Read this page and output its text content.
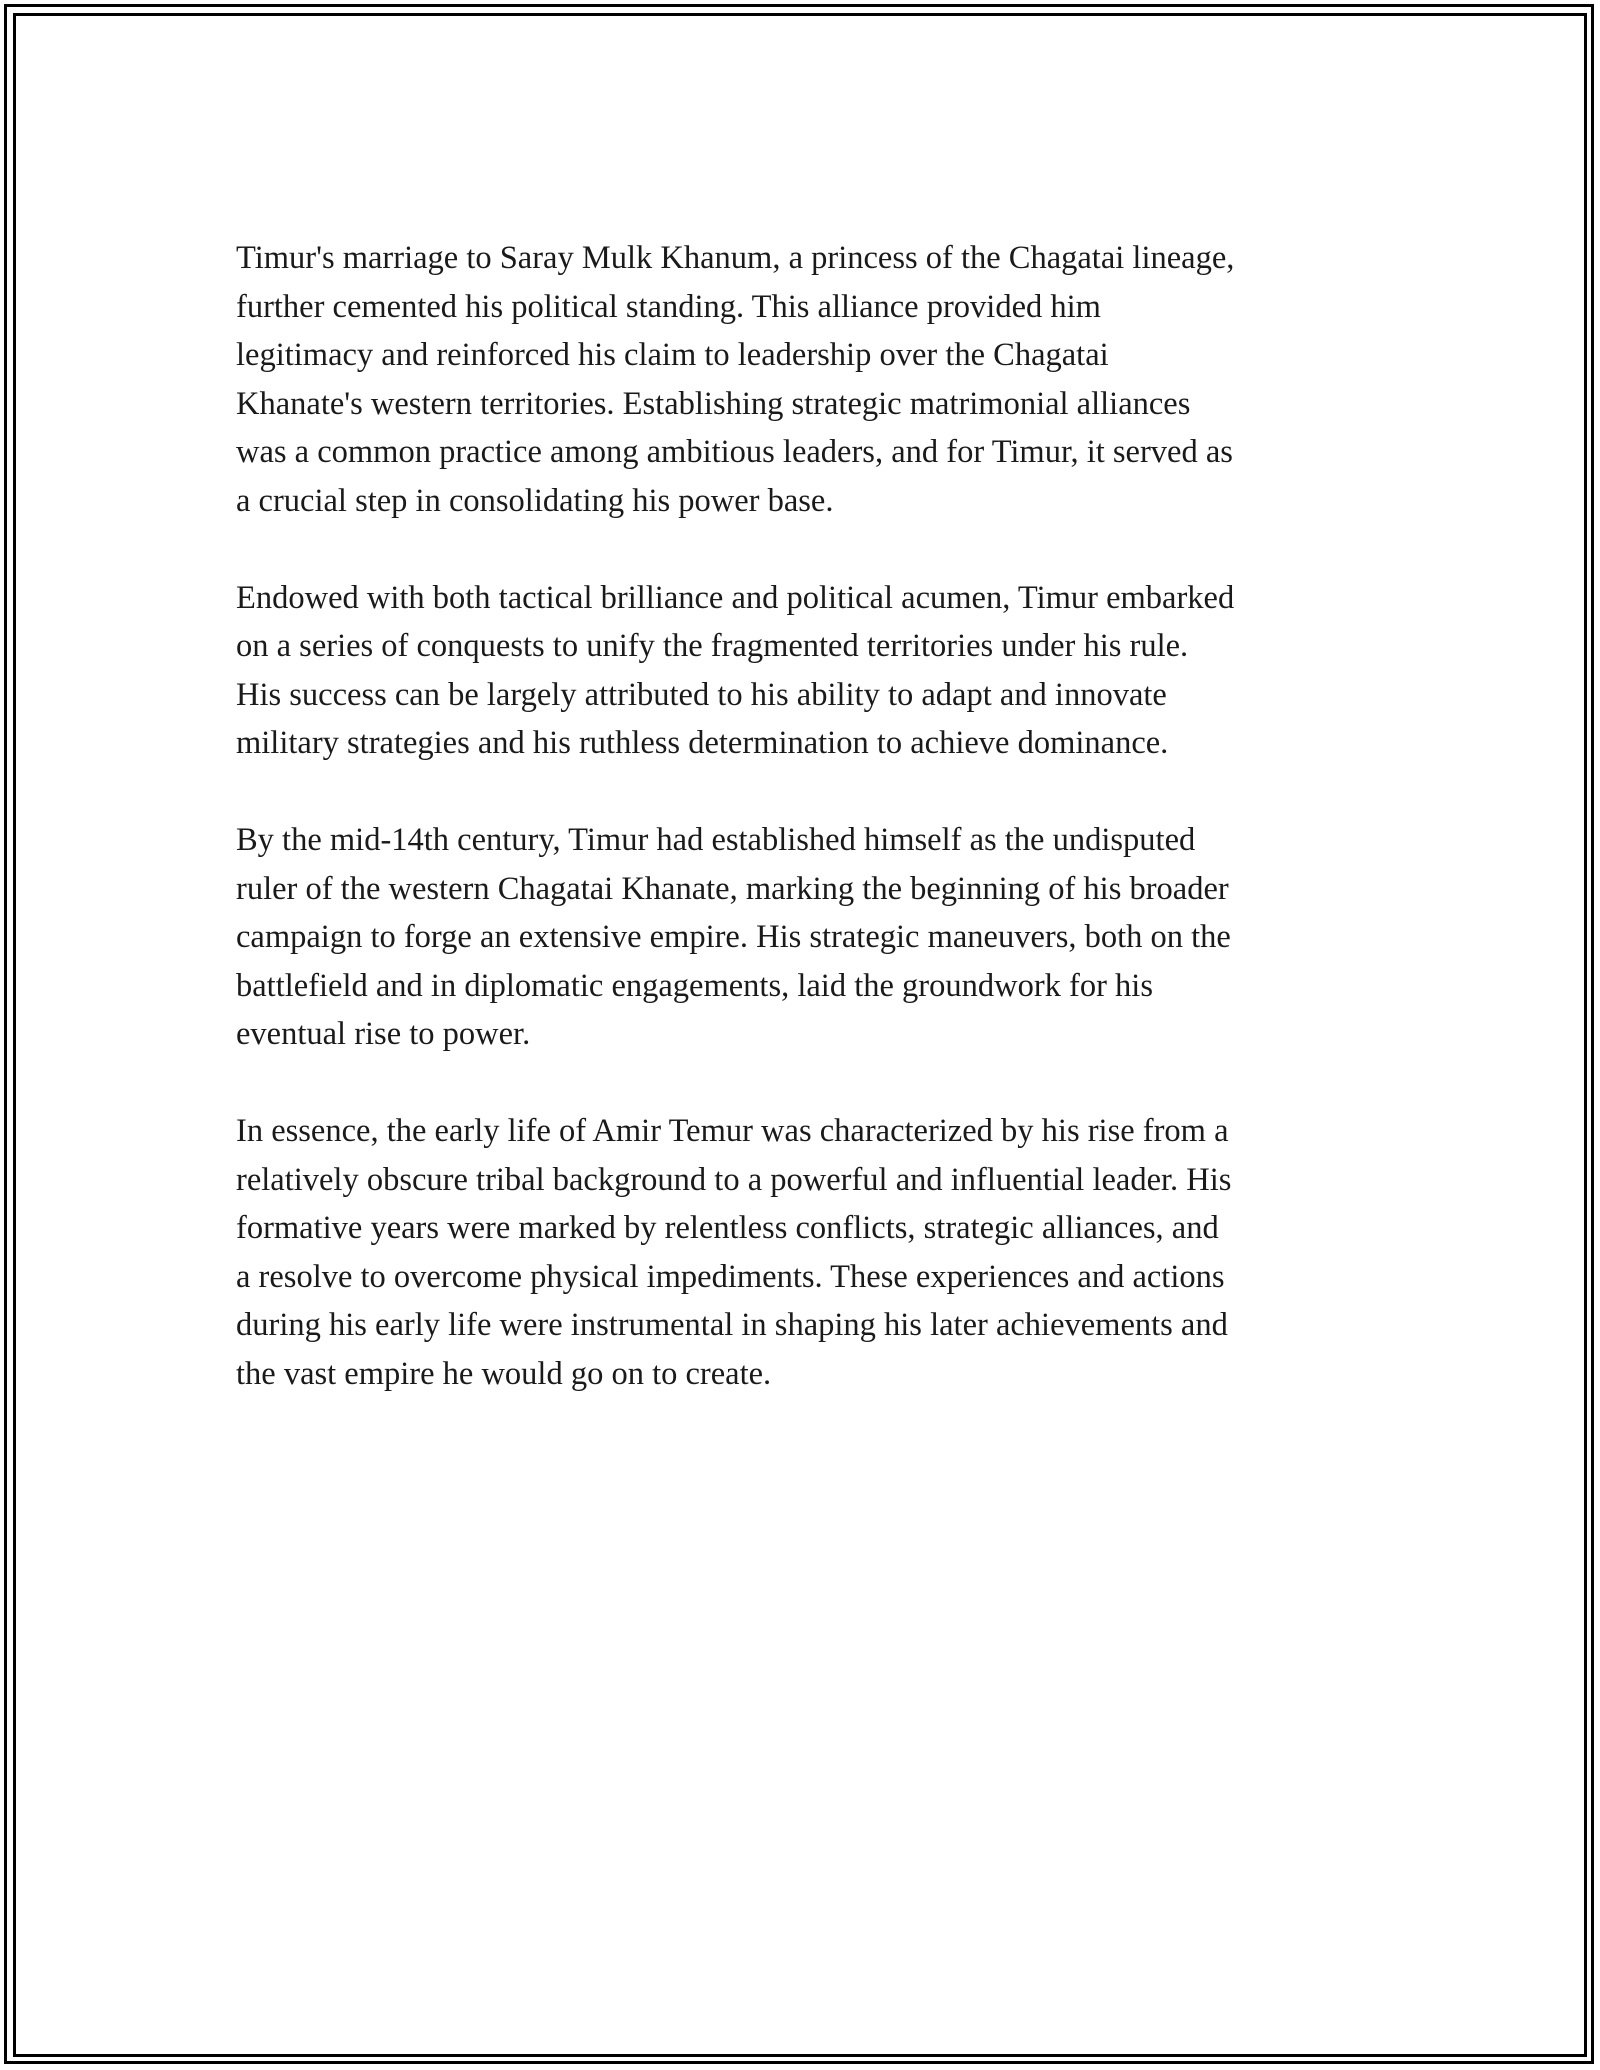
Timur's marriage to Saray Mulk Khanum, a princess of the Chagatai lineage,
further cemented his political standing. This alliance provided him
legitimacy and reinforced his claim to leadership over the Chagatai
Khanate's western territories. Establishing strategic matrimonial alliances
was a common practice among ambitious leaders, and for Timur, it served as
a crucial step in consolidating his power base.

Endowed with both tactical brilliance and political acumen, Timur embarked
on a series of conquests to unify the fragmented territories under his rule.
His success can be largely attributed to his ability to adapt and innovate
military strategies and his ruthless determination to achieve dominance.

By the mid-14th century, Timur had established himself as the undisputed
ruler of the western Chagatai Khanate, marking the beginning of his broader
campaign to forge an extensive empire. His strategic maneuvers, both on the
battlefield and in diplomatic engagements, laid the groundwork for his
eventual rise to power.

In essence, the early life of Amir Temur was characterized by his rise from a
relatively obscure tribal background to a powerful and influential leader. His
formative years were marked by relentless conflicts, strategic alliances, and
a resolve to overcome physical impediments. These experiences and actions
during his early life were instrumental in shaping his later achievements and
the vast empire he would go on to create.
